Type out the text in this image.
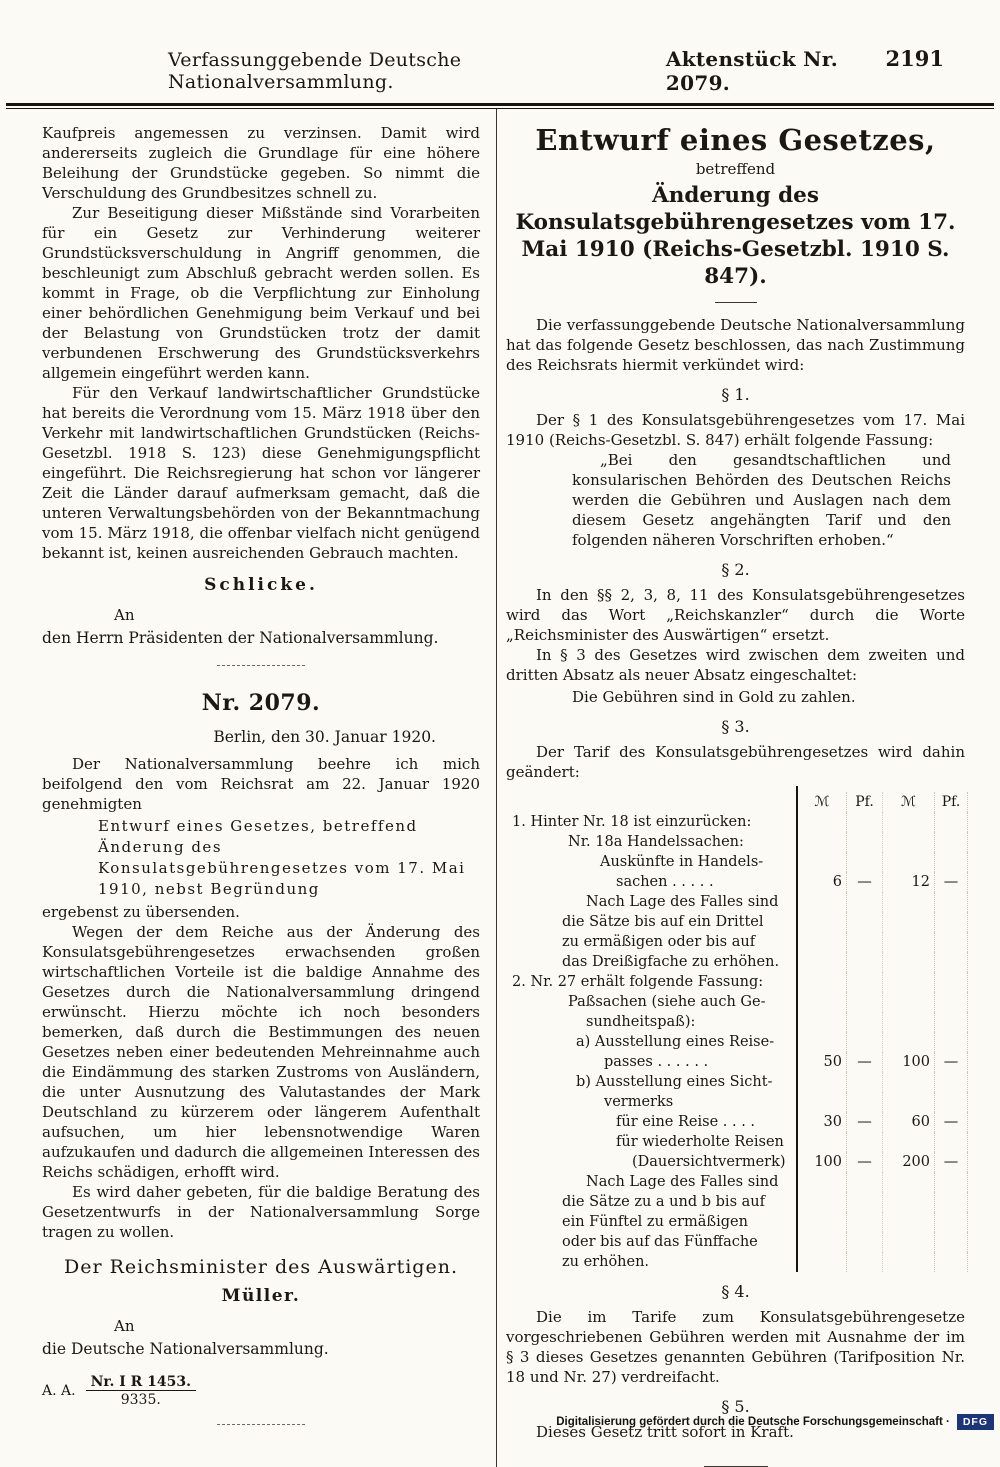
Verfassunggebende Deutsche Nationalversammlung.
Aktenstück Nr. 2079.
2191

Kaufpreis angemessen zu verzinsen. Damit wird andererseits zugleich die Grundlage für eine höhere Beleihung der Grundstücke gegeben. So nimmt die Verschuldung des Grundbesitzes schnell zu.

Zur Beseitigung dieser Mißstände sind Vorarbeiten für ein Gesetz zur Verhinderung weiterer Grundstücksverschuldung in Angriff genommen, die beschleunigt zum Abschluß gebracht werden sollen. Es kommt in Frage, ob die Verpflichtung zur Einholung einer behördlichen Genehmigung beim Verkauf und bei der Belastung von Grundstücken trotz der damit verbundenen Erschwerung des Grundstücksverkehrs allgemein eingeführt werden kann.

Für den Verkauf landwirtschaftlicher Grundstücke hat bereits die Verordnung vom 15. März 1918 über den Verkehr mit landwirtschaftlichen Grundstücken (Reichs-Gesetzbl. 1918 S. 123) diese Genehmigungspflicht eingeführt. Die Reichsregierung hat schon vor längerer Zeit die Länder darauf aufmerksam gemacht, daß die unteren Verwaltungsbehörden von der Bekanntmachung vom 15. März 1918, die offenbar vielfach nicht genügend bekannt ist, keinen ausreichenden Gebrauch machten.

Schlicke.
An
den Herrn Präsidenten der Nationalversammlung.
Nr. 2079.
Berlin, den 30. Januar 1920.

Der Nationalversammlung beehre ich mich beifolgend den vom Reichsrat am 22. Januar 1920 genehmigten

Entwurf eines Gesetzes, betreffend Änderung des Konsulatsgebührengesetzes vom 17. Mai 1910, nebst Begründung

ergebenst zu übersenden.

Wegen der dem Reiche aus der Änderung des Konsulatsgebührengesetzes erwachsenden großen wirtschaftlichen Vorteile ist die baldige Annahme des Gesetzes durch die Nationalversammlung dringend erwünscht. Hierzu möchte ich noch besonders bemerken, daß durch die Bestimmungen des neuen Gesetzes neben einer bedeutenden Mehreinnahme auch die Eindämmung des starken Zustroms von Ausländern, die unter Ausnutzung des Valutastandes der Mark Deutschland zu kürzerem oder längerem Aufenthalt aufsuchen, um hier lebensnotwendige Waren aufzukaufen und dadurch die allgemeinen Interessen des Reichs schädigen, erhofft wird.

Es wird daher gebeten, für die baldige Beratung des Gesetzentwurfs in der Nationalversammlung Sorge tragen zu wollen.

Der Reichsminister des Auswärtigen.
Müller.
An
die Deutsche Nationalversammlung.
A. A. $\frac{\text{Nr. I R 1453.}}{9335.}$
Entwurf eines Gesetzes,
betreffend
Änderung des Konsulatsgebührengesetzes vom 17. Mai 1910 (Reichs-Gesetzbl. 1910 S. 847).

Die verfassunggebende Deutsche Nationalversammlung hat das folgende Gesetz beschlossen, das nach Zustimmung des Reichsrats hiermit verkündet wird:

§ 1.

Der § 1 des Konsulatsgebührengesetzes vom 17. Mai 1910 (Reichs-Gesetzbl. S. 847) erhält folgende Fassung:

„Bei den gesandtschaftlichen und konsularischen Behörden des Deutschen Reichs werden die Gebühren und Auslagen nach dem diesem Gesetz angehängten Tarif und den folgenden näheren Vorschriften erhoben.“

§ 2.

In den §§ 2, 3, 8, 11 des Konsulatsgebührengesetzes wird das Wort „Reichskanzler“ durch die Worte „Reichsminister des Auswärtigen“ ersetzt.

In § 3 des Gesetzes wird zwischen dem zweiten und dritten Absatz als neuer Absatz eingeschaltet:

Die Gebühren sind in Gold zu zahlen.
§ 3.

Der Tarif des Konsulatsgebührengesetzes wird dahin geändert:

ℳ	Pf.	ℳ	Pf.
1. Hinter Nr. 18 ist einzurücken:
Nr. 18a Handelssachen:
Auskünfte in Handels-
sachen . . . . .	6	—	12 —
Nach Lage des Falles sind
die Sätze bis auf ein Drittel
zu ermäßigen oder bis auf
das Dreißigfache zu erhöhen.
2. Nr. 27 erhält folgende Fassung:
Paßsachen (siehe auch Ge-
sundheitspaß):
a) Ausstellung eines Reise-
passes . . . . . .	50	—	100 —
b) Ausstellung eines Sicht-
vermerks
für eine Reise . . . .	30	—	60 —
für wiederholte Reisen
(Dauersichtvermerk)	100	—	200 —
Nach Lage des Falles sind
die Sätze zu a und b bis auf
ein Fünftel zu ermäßigen
oder bis auf das Fünffache
zu erhöhen.
§ 4.

Die im Tarife zum Konsulatsgebührengesetze vorgeschriebenen Gebühren werden mit Ausnahme der im § 3 dieses Gesetzes genannten Gebühren (Tarifposition Nr. 18 und Nr. 27) verdreifacht.

§ 5.

Dieses Gesetz tritt sofort in Kraft.

Digitalisierung gefördert durch die Deutsche Forschungsgemeinschaft ·	DFG
